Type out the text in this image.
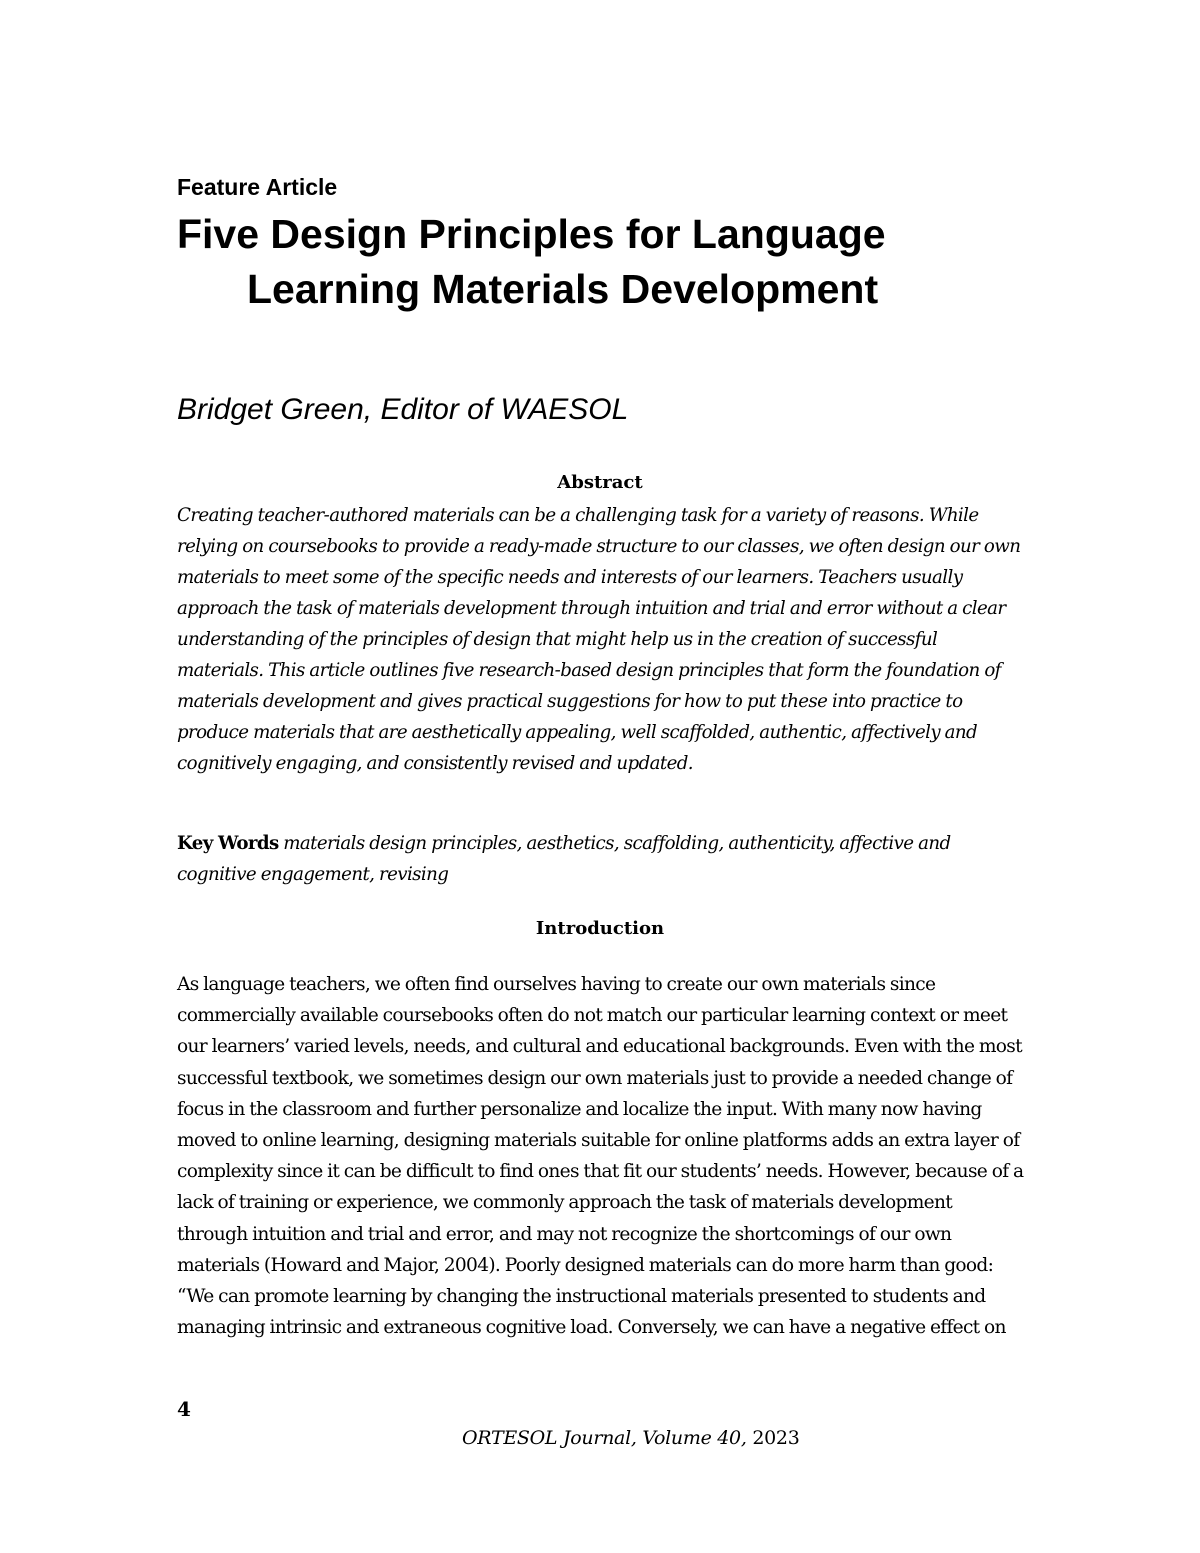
Feature Article
Five Design Principles for Language
Learning Materials Development
Bridget Green, Editor of WAESOL
Abstract

Creating teacher-authored materials can be a challenging task for a variety of reasons. While relying on coursebooks to provide a ready-made structure to our classes, we often design our own materials to meet some of the specific needs and interests of our learners. Teachers usually approach the task of materials development through intuition and trial and error without a clear understanding of the principles of design that might help us in the creation of successful materials. This article outlines five research-based design principles that form the foundation of materials development and gives practical suggestions for how to put these into practice to produce materials that are aesthetically appealing, well scaffolded, authentic, affectively and cognitively engaging, and consistently revised and updated.

Key Words materials design principles, aesthetics, scaffolding, authenticity, affective and cognitive engagement, revising

Introduction

As language teachers, we often find ourselves having to create our own materials since commercially available coursebooks often do not match our particular learning context or meet our learners’ varied levels, needs, and cultural and educational backgrounds. Even with the most successful textbook, we sometimes design our own materials just to provide a needed change of focus in the classroom and further personalize and localize the input. With many now having moved to online learning, designing materials suitable for online platforms adds an extra layer of complexity since it can be difficult to find ones that fit our students’ needs. However, because of a lack of training or experience, we commonly approach the task of materials development through intuition and trial and error, and may not recognize the shortcomings of our own materials (Howard and Major, 2004). Poorly designed materials can do more harm than good: “We can promote learning by changing the instructional materials presented to students and managing intrinsic and extraneous cognitive load. Conversely, we can have a negative effect on

4
ORTESOL Journal, Volume 40, 2023
